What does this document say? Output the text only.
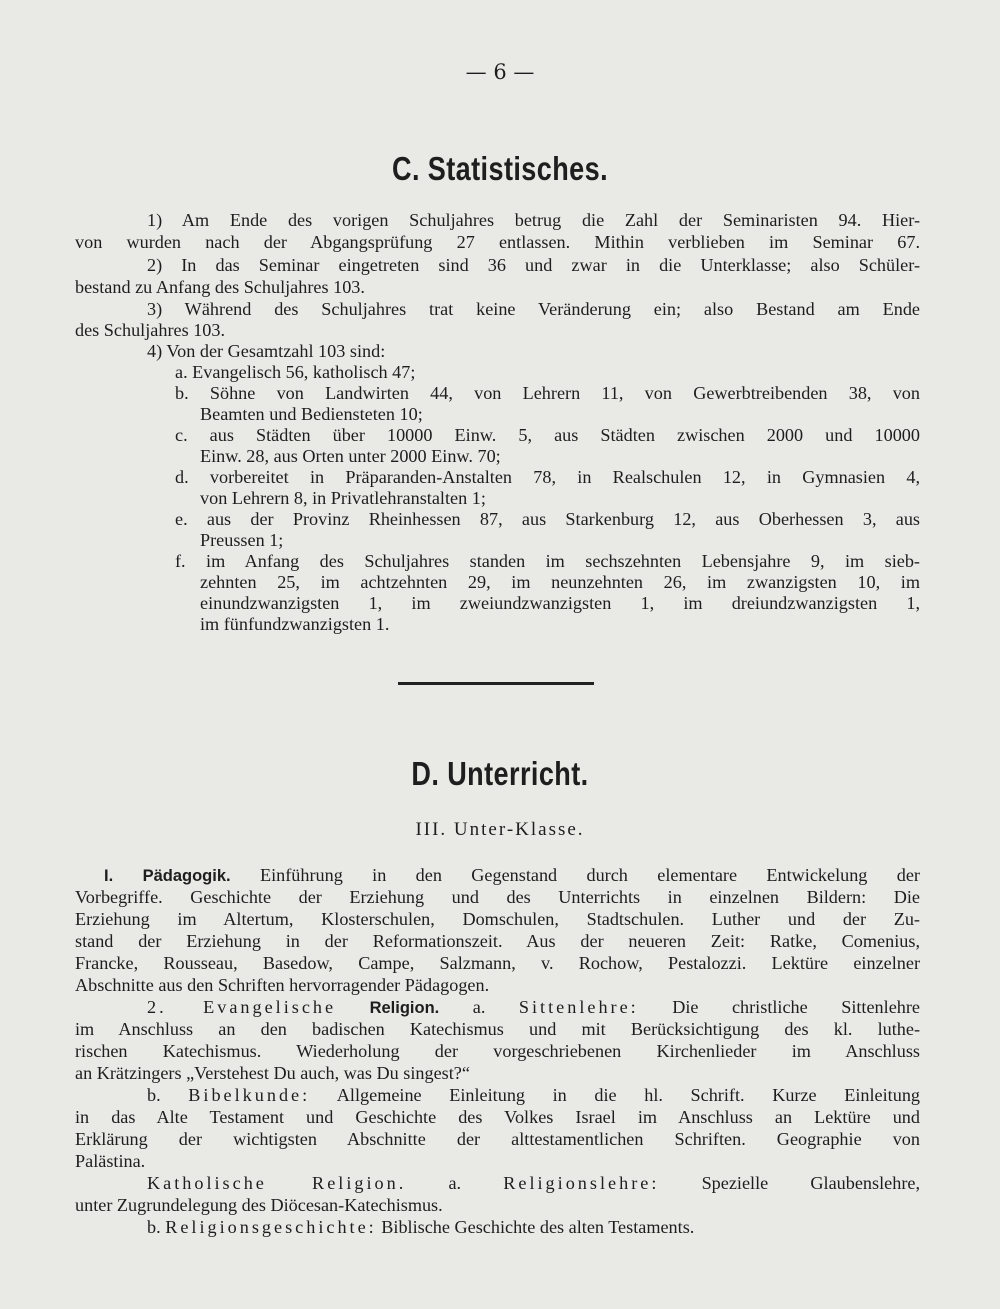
— 6 —
C. Statistisches.
1) Am Ende des vorigen Schuljahres betrug die Zahl der Seminaristen 94. Hier-
von wurden nach der Abgangsprüfung 27 entlassen. Mithin verblieben im Seminar 67.
2) In das Seminar eingetreten sind 36 und zwar in die Unterklasse; also Schüler-
bestand zu Anfang des Schuljahres 103.
3) Während des Schuljahres trat keine Veränderung ein; also Bestand am Ende
des Schuljahres 103.
4) Von der Gesamtzahl 103 sind:
a. Evangelisch 56, katholisch 47;
b. Söhne von Landwirten 44, von Lehrern 11, von Gewerbtreibenden 38, von
Beamten und Bediensteten 10;
c. aus Städten über 10000 Einw. 5, aus Städten zwischen 2000 und 10000
Einw. 28, aus Orten unter 2000 Einw. 70;
d. vorbereitet in Präparanden-Anstalten 78, in Realschulen 12, in Gymnasien 4,
von Lehrern 8, in Privatlehranstalten 1;
e. aus der Provinz Rheinhessen 87, aus Starkenburg 12, aus Oberhessen 3, aus
Preussen 1;
f. im Anfang des Schuljahres standen im sechszehnten Lebensjahre 9, im sieb-
zehnten 25, im achtzehnten 29, im neunzehnten 26, im zwanzigsten 10, im
einundzwanzigsten 1, im zweiundzwanzigsten 1, im dreiundzwanzigsten 1,
im fünfundzwanzigsten 1.
D. Unterricht.
III. Unter-Klasse.
I. Pädagogik. Einführung in den Gegenstand durch elementare Entwickelung der
Vorbegriffe. Geschichte der Erziehung und des Unterrichts in einzelnen Bildern: Die
Erziehung im Altertum, Klosterschulen, Domschulen, Stadtschulen. Luther und der Zu-
stand der Erziehung in der Reformationszeit. Aus der neueren Zeit: Ratke, Comenius,
Francke, Rousseau, Basedow, Campe, Salzmann, v. Rochow, Pestalozzi. Lektüre einzelner
Abschnitte aus den Schriften hervorragender Pädagogen.
2. Evangelische Religion. a. Sittenlehre: Die christliche Sittenlehre
im Anschluss an den badischen Katechismus und mit Berücksichtigung des kl. luthe-
rischen Katechismus. Wiederholung der vorgeschriebenen Kirchenlieder im Anschluss
an Krätzingers „Verstehest Du auch, was Du singest?“
b. Bibelkunde: Allgemeine Einleitung in die hl. Schrift. Kurze Einleitung
in das Alte Testament und Geschichte des Volkes Israel im Anschluss an Lektüre und
Erklärung der wichtigsten Abschnitte der alttestamentlichen Schriften. Geographie von
Palästina.
Katholische Religion. a. Religionslehre: Spezielle Glaubenslehre,
unter Zugrundelegung des Diöcesan-Katechismus.
b. Religionsgeschichte: Biblische Geschichte des alten Testaments.
